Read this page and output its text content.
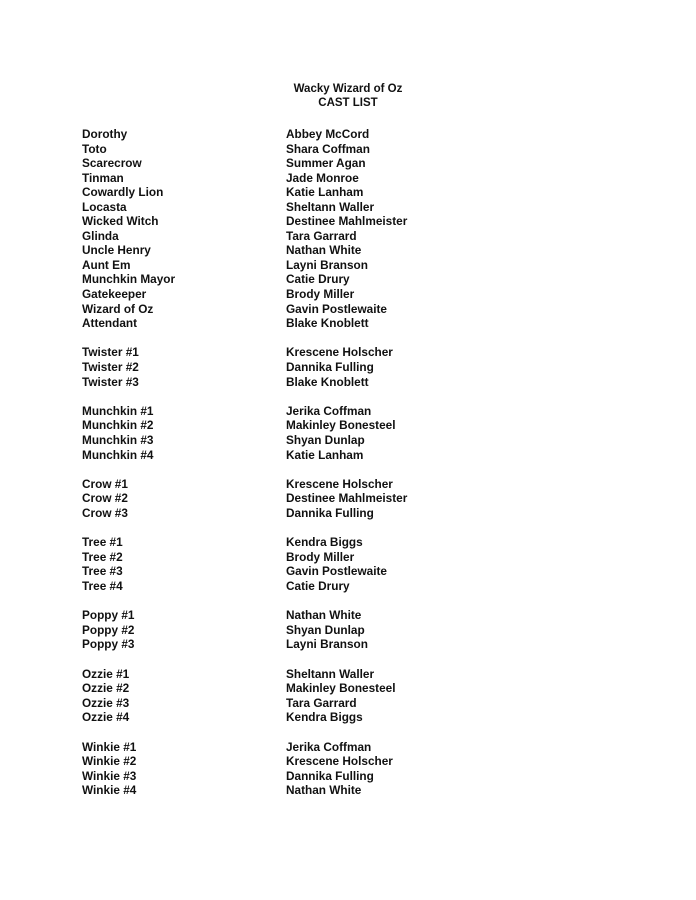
Wacky Wizard of Oz
CAST LIST
Dorothy	Abbey McCord
Toto	Shara Coffman
Scarecrow	Summer Agan
Tinman	Jade Monroe
Cowardly Lion	Katie Lanham
Locasta	Sheltann Waller
Wicked Witch	Destinee Mahlmeister
Glinda	Tara Garrard
Uncle Henry	Nathan White
Aunt Em	Layni Branson
Munchkin Mayor	Catie Drury
Gatekeeper	Brody Miller
Wizard of Oz	Gavin Postlewaite
Attendant	Blake Knoblett
Twister #1	Krescene Holscher
Twister #2	Dannika Fulling
Twister #3	Blake Knoblett
Munchkin #1	Jerika Coffman
Munchkin #2	Makinley Bonesteel
Munchkin #3	Shyan Dunlap
Munchkin #4	Katie Lanham
Crow #1	Krescene Holscher
Crow #2	Destinee Mahlmeister
Crow #3	Dannika Fulling
Tree #1	Kendra Biggs
Tree #2	Brody Miller
Tree #3	Gavin Postlewaite
Tree #4	Catie Drury
Poppy #1	Nathan White
Poppy #2	Shyan Dunlap
Poppy #3	Layni Branson
Ozzie #1	Sheltann Waller
Ozzie #2	Makinley Bonesteel
Ozzie #3	Tara Garrard
Ozzie #4	Kendra Biggs
Winkie #1	Jerika Coffman
Winkie #2	Krescene Holscher
Winkie #3	Dannika Fulling
Winkie #4	Nathan White
